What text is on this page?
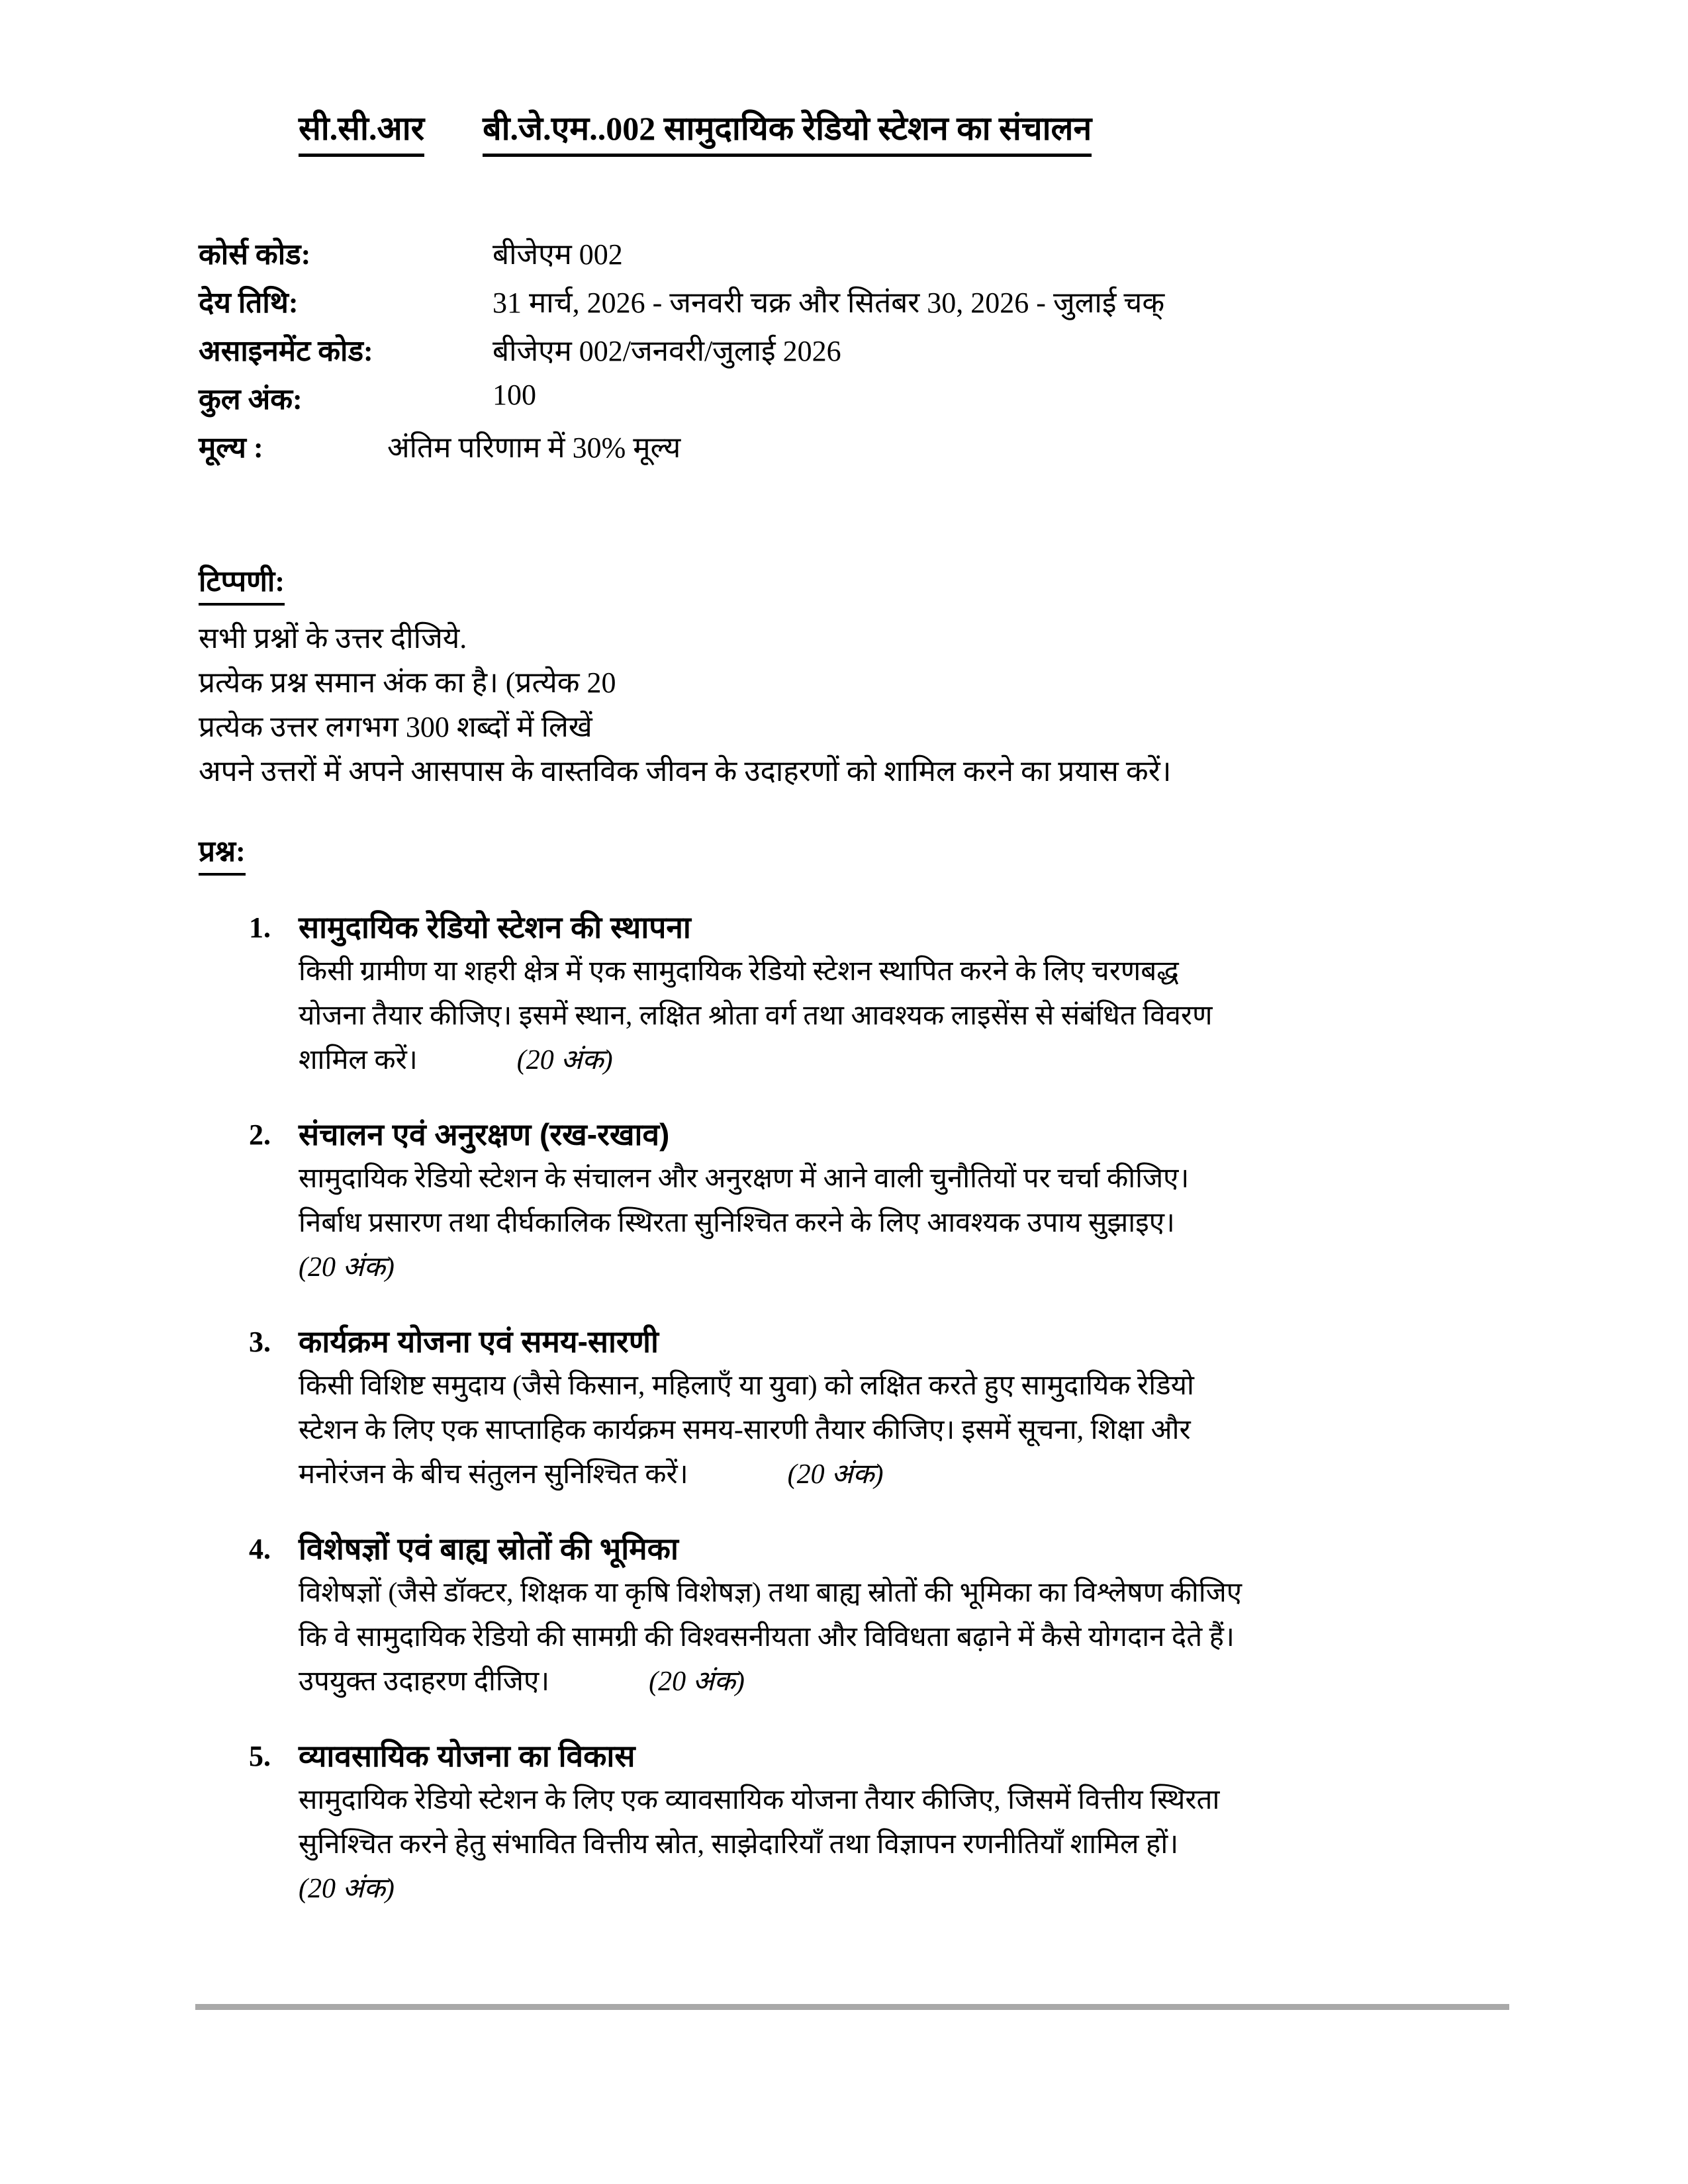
सी.सी.आर बी.जे.एम..002 सामुदायिक रेडियो स्टेशन का संचालन
कोर्स कोड:	बीजेएम 002
देय तिथि:	31 मार्च, 2026 - जनवरी चक्र और सितंबर 30, 2026 - जुलाई चक्
असाइनमेंट कोड:	बीजेएम 002/जनवरी/जुलाई 2026
कुल अंक:	100
मूल्य :	अंतिम परिणाम में 30% मूल्य
टिप्पणी:
सभी प्रश्नों के उत्तर दीजिये.
प्रत्येक प्रश्न समान अंक का है। (प्रत्येक 20
प्रत्येक उत्तर लगभग 300 शब्दों में लिखें
अपने उत्तरों में अपने आसपास के वास्तविक जीवन के उदाहरणों को शामिल करने का प्रयास करें।
प्रश्न:
1. सामुदायिक रेडियो स्टेशन की स्थापना
किसी ग्रामीण या शहरी क्षेत्र में एक सामुदायिक रेडियो स्टेशन स्थापित करने के लिए चरणबद्ध
योजना तैयार कीजिए। इसमें स्थान, लक्षित श्रोता वर्ग तथा आवश्यक लाइसेंस से संबंधित विवरण
शामिल करें।	(20 अंक)
2. संचालन एवं अनुरक्षण (रख-रखाव)
सामुदायिक रेडियो स्टेशन के संचालन और अनुरक्षण में आने वाली चुनौतियों पर चर्चा कीजिए।
निर्बाध प्रसारण तथा दीर्घकालिक स्थिरता सुनिश्चित करने के लिए आवश्यक उपाय सुझाइए।
(20 अंक)
3. कार्यक्रम योजना एवं समय-सारणी
किसी विशिष्ट समुदाय (जैसे किसान, महिलाएँ या युवा) को लक्षित करते हुए सामुदायिक रेडियो
स्टेशन के लिए एक साप्ताहिक कार्यक्रम समय-सारणी तैयार कीजिए। इसमें सूचना, शिक्षा और
मनोरंजन के बीच संतुलन सुनिश्चित करें।	(20 अंक)
4. विशेषज्ञों एवं बाह्य स्रोतों की भूमिका
विशेषज्ञों (जैसे डॉक्टर, शिक्षक या कृषि विशेषज्ञ) तथा बाह्य स्रोतों की भूमिका का विश्लेषण कीजिए
कि वे सामुदायिक रेडियो की सामग्री की विश्वसनीयता और विविधता बढ़ाने में कैसे योगदान देते हैं।
उपयुक्त उदाहरण दीजिए।	(20 अंक)
5. व्यावसायिक योजना का विकास
सामुदायिक रेडियो स्टेशन के लिए एक व्यावसायिक योजना तैयार कीजिए, जिसमें वित्तीय स्थिरता
सुनिश्चित करने हेतु संभावित वित्तीय स्रोत, साझेदारियाँ तथा विज्ञापन रणनीतियाँ शामिल हों।
(20 अंक)
